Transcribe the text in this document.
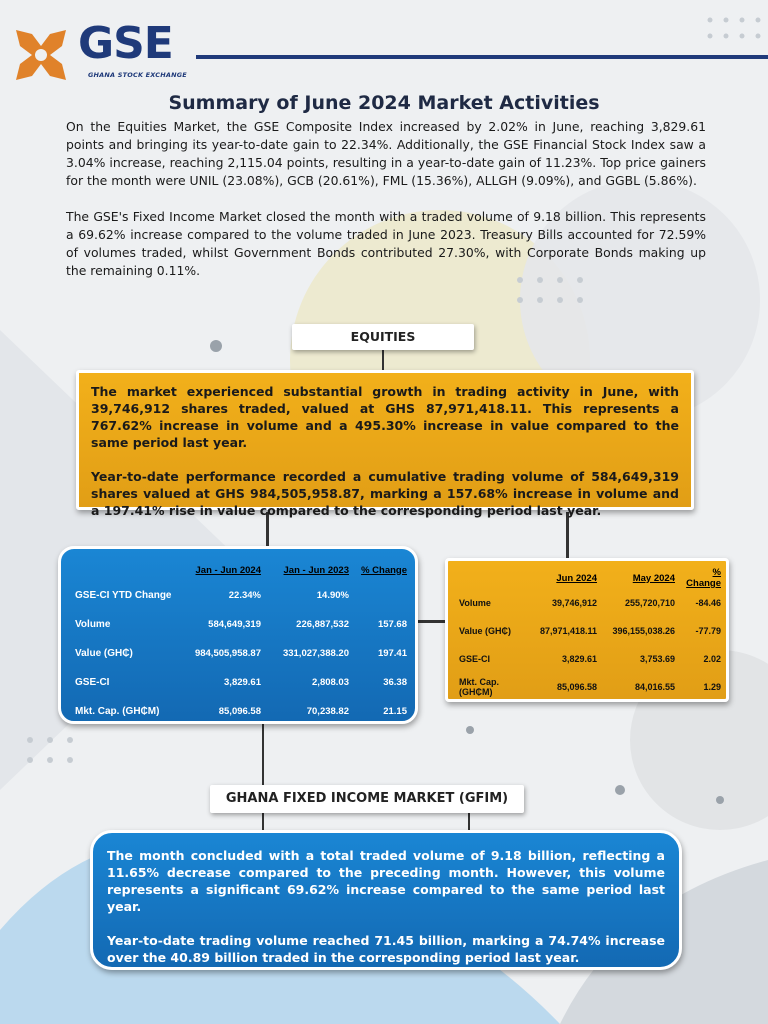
GSE
GHANA STOCK EXCHANGE
Summary of June 2024 Market Activities

On the Equities Market, the GSE Composite Index increased by 2.02% in June, reaching 3,829.61 points and bringing its year-to-date gain to 22.34%. Additionally, the GSE Financial Stock Index saw a 3.04% increase, reaching 2,115.04 points, resulting in a year-to-date gain of 11.23%. Top price gainers for the month were UNIL (23.08%), GCB (20.61%), FML (15.36%), ALLGH (9.09%), and GGBL (5.86%).

The GSE's Fixed Income Market closed the month with a traded volume of 9.18 billion. This represents a 69.62% increase compared to the volume traded in June 2023. Treasury Bills accounted for 72.59% of volumes traded, whilst Government Bonds contributed 27.30%, with Corporate Bonds making up the remaining 0.11%.

EQUITIES

The market experienced substantial growth in trading activity in June, with 39,746,912 shares traded, valued at GHS 87,971,418.11. This represents a 767.62% increase in volume and a 495.30% increase in value compared to the same period last year.

Year-to-date performance recorded a cumulative trading volume of 584,649,319 shares valued at GHS 984,505,958.87, marking a 157.68% increase in volume and a 197.41% rise in value compared to the corresponding period last year.

	Jan - Jun 2024	Jan - Jun 2023	% Change
GSE-CI YTD Change	22.34%	14.90%	
Volume	584,649,319	226,887,532	157.68
Value (GH₵)	984,505,958.87	331,027,388.20	197.41
GSE-CI	3,829.61	2,808.03	36.38
Mkt. Cap. (GH₵M)	85,096.58	70,238.82	21.15
	Jun 2024	May 2024	% Change
Volume	39,746,912	255,720,710	-84.46
Value (GH₵)	87,971,418.11	396,155,038.26	-77.79
GSE-CI	3,829.61	3,753.69	2.02
Mkt. Cap.(GH₵M)	85,096.58	84,016.55	1.29
GHANA FIXED INCOME MARKET (GFIM)

The month concluded with a total traded volume of 9.18 billion, reflecting a 11.65% decrease compared to the preceding month. However, this volume represents a significant 69.62% increase compared to the same period last year.

Year-to-date trading volume reached 71.45 billion, marking a 74.74% increase over the 40.89 billion traded in the corresponding period last year.
